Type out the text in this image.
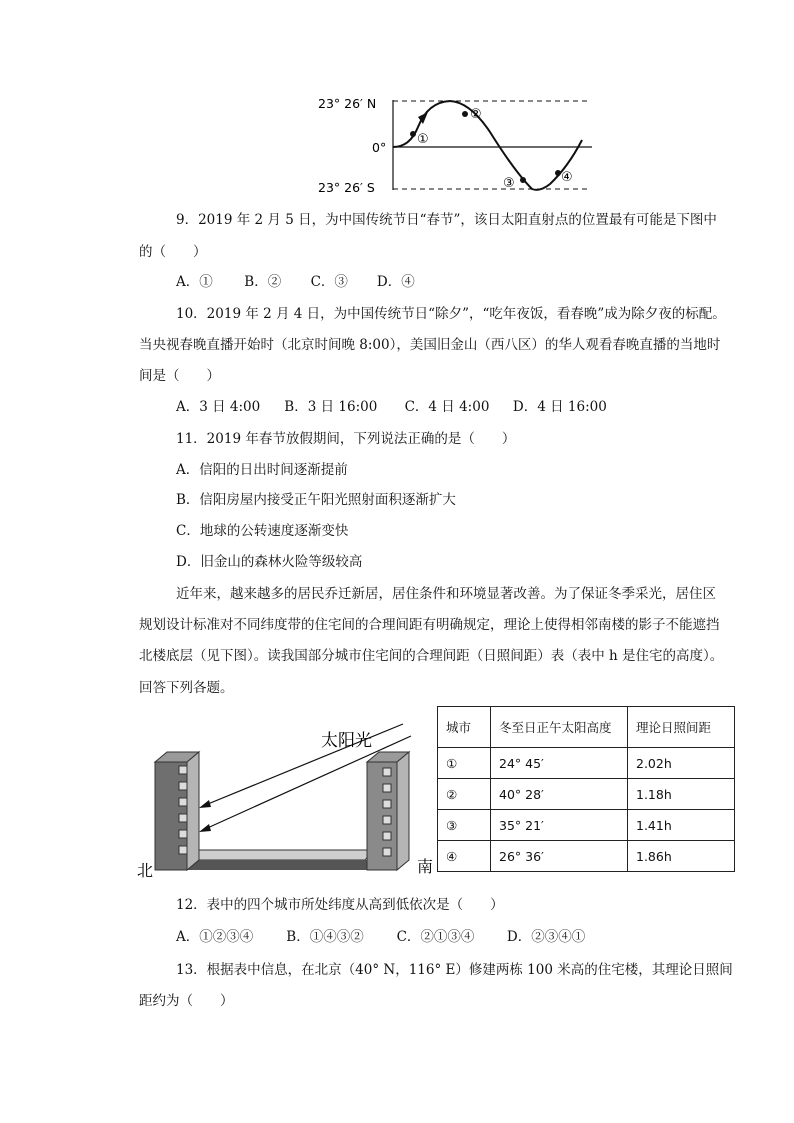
23° 26′ N
0°
23° 26′ S
①
②
③	④
9．2019 年 2 月 5 日，为中国传统节日“春节”，该日太阳直射点的位置最有可能是下图中
的（　　）
A．① B．② C．③ D．④
10．2019 年 2 月 4 日，为中国传统节日“除夕”，“吃年夜饭，看春晚”成为除夕夜的标配。
当央视春晚直播开始时（北京时间晚 8:00），美国旧金山（西八区）的华人观看春晚直播的当地时
间是（　　）
A．3 日 4:00 B．3 日 16:00 C．4 日 4:00 D．4 日 16:00
11．2019 年春节放假期间，下列说法正确的是（　　）
A．信阳的日出时间逐渐提前
B．信阳房屋内接受正午阳光照射面积逐渐扩大
C．地球的公转速度逐渐变快
D．旧金山的森林火险等级较高
近年来，越来越多的居民乔迁新居，居住条件和环境显著改善。为了保证冬季采光，居住区
规划设计标准对不同纬度带的住宅间的合理间距有明确规定，理论上使得相邻南楼的影子不能遮挡
北楼底层（见下图）。读我国部分城市住宅间的合理间距（日照间距）表（表中 h 是住宅的高度）。
回答下列各题。
太阳光
北	南
城市	冬至日正午太阳高度	理论日照间距
①	24° 45′	2.02h
②	40° 28′	1.18h
③	35° 21′	1.41h
④	26° 36′	1.86h
12．表中的四个城市所处纬度从高到低依次是（　　）
A．①②③④ B．①④③② C．②①③④ D．②③④①
13．根据表中信息，在北京（40° N，116° E）修建两栋 100 米高的住宅楼，其理论日照间
距约为（　　）
